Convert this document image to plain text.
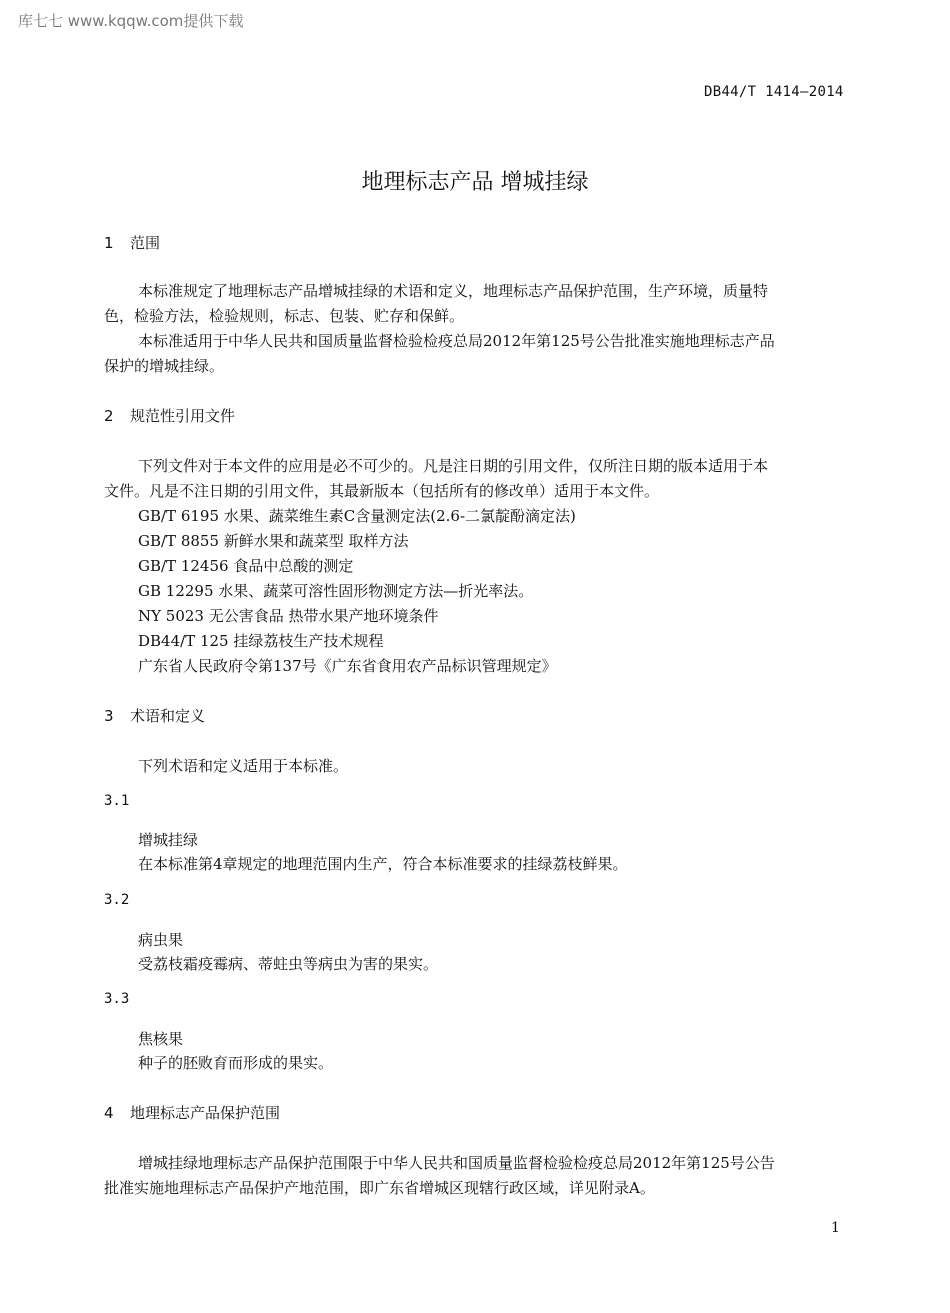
库七七 www.kqqw.com提供下载
DB44/T 1414—2014
地理标志产品 增城挂绿
1 范围
本标准规定了地理标志产品增城挂绿的术语和定义，地理标志产品保护范围，生产环境，质量特
色，检验方法，检验规则，标志、包装、贮存和保鲜。
本标准适用于中华人民共和国质量监督检验检疫总局2012年第125号公告批准实施地理标志产品
保护的增城挂绿。
2 规范性引用文件
下列文件对于本文件的应用是必不可少的。凡是注日期的引用文件，仅所注日期的版本适用于本
文件。凡是不注日期的引用文件，其最新版本（包括所有的修改单）适用于本文件。
GB/T 6195 水果、蔬菜维生素C含量测定法(2.6-二氯靛酚滴定法)
GB/T 8855 新鲜水果和蔬菜型 取样方法
GB/T 12456 食品中总酸的测定
GB 12295 水果、蔬菜可溶性固形物测定方法—折光率法。
NY 5023 无公害食品 热带水果产地环境条件
DB44/T 125 挂绿荔枝生产技术规程
广东省人民政府令第137号《广东省食用农产品标识管理规定》
3 术语和定义
下列术语和定义适用于本标准。
3.1
增城挂绿
在本标准第4章规定的地理范围内生产，符合本标准要求的挂绿荔枝鲜果。
3.2
病虫果
受荔枝霜疫霉病、蒂蛀虫等病虫为害的果实。
3.3
焦核果
种子的胚败育而形成的果实。
4 地理标志产品保护范围
增城挂绿地理标志产品保护范围限于中华人民共和国质量监督检验检疫总局2012年第125号公告
批准实施地理标志产品保护产地范围，即广东省增城区现辖行政区域，详见附录A。
1
